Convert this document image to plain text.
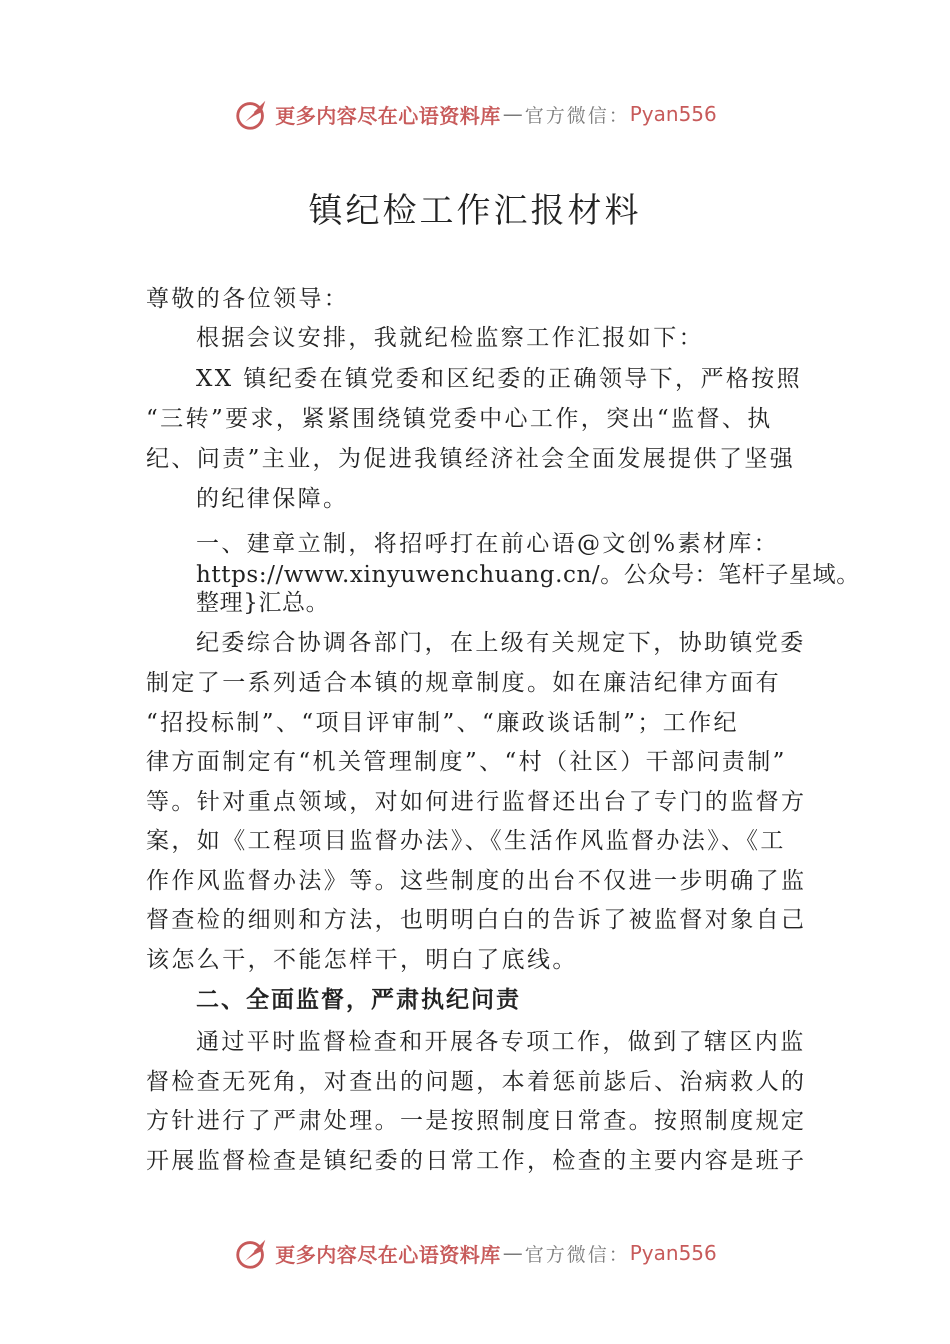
更多内容尽在心语资料库 — 官方微信： Pyan556
镇纪检工作汇报材料

尊敬的各位领导：

根据会议安排，我就纪检监察工作汇报如下：

XX 镇纪委在镇党委和区纪委的正确领导下，严格按照

“三转”要求，紧紧围绕镇党委中心工作，突出“监督、执

纪、问责”主业，为促进我镇经济社会全面发展提供了坚强

的纪律保障。

一、建章立制，将招呼打在前心语@文创%素材库：

https://www.xinyuwenchuang.cn/。公众号：笔杆子星域。

整理}汇总。

纪委综合协调各部门，在上级有关规定下，协助镇党委

制定了一系列适合本镇的规章制度。如在廉洁纪律方面有

“招投标制”、“项目评审制”、“廉政谈话制”；工作纪

律方面制定有“机关管理制度”、“村（社区）干部问责制”

等。针对重点领域，对如何进行监督还出台了专门的监督方

案，如《工程项目监督办法》、《生活作风监督办法》、《工

作作风监督办法》等。这些制度的出台不仅进一步明确了监

督查检的细则和方法，也明明白白的告诉了被监督对象自己

该怎么干，不能怎样干，明白了底线。

二、全面监督，严肃执纪问责

通过平时监督检查和开展各专项工作，做到了辖区内监

督检查无死角，对查出的问题，本着惩前毖后、治病救人的

方针进行了严肃处理。一是按照制度日常查。按照制度规定

开展监督检查是镇纪委的日常工作，检查的主要内容是班子

更多内容尽在心语资料库 — 官方微信： Pyan556
